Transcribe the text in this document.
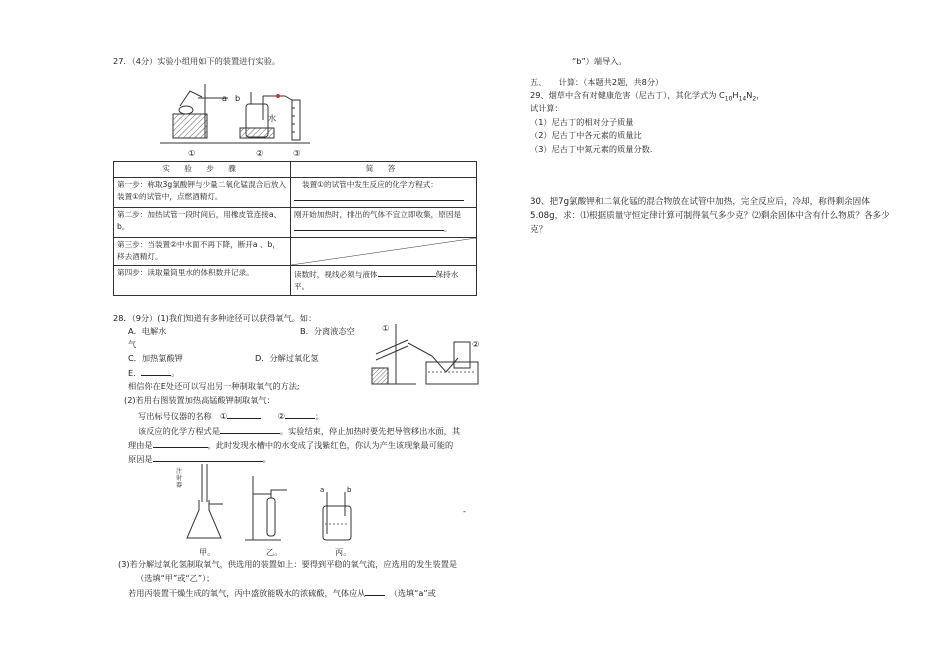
27．（4分）实验小组用如下的装置进行实验。
a b
水
①	②	③
实 验 步 骤	简 答
第一步：称取3g氯酸钾与少量二氧化锰混合后放入装置①的试管中，点燃酒精灯。	装置①的试管中发生反应的化学方程式：

第二步：加热试管一段时间后，用橡皮管连接a、b。	刚开始加热时，排出的气体不宜立即收集，原因是
。
第三步：当装置②中水面不再下降，断开a 、b，移去酒精灯。	

第四步：读取量筒里水的体积数并记录。	读数时，视线必须与液体 保持水平。
28．（9分）(1)我们知道有多种途径可以获得氧气。如：
A．电解水	B．分离液态空
气
C．加热氯酸钾	D．分解过氧化氢
E．	。
相信你在E处还可以写出另一种制取氧气的方法;
(2)若用右图装置加热高锰酸钾制取氧气：
写出标号仪器的名称　 ①　　	②	；
该反应的化学方程式是	。实验结束，停止加热时要先把导管移出水面，其
理由是	，此时发现水槽中的水变成了浅紫红色，你认为产生该现象最可能的
原因是	。
①
②
注射器
a	b
甲。	乙。	丙。
-
(3)若分解过氧化氢制取氧气，供选用的装置如上：要得到平稳的氧气流，应选用的发生装置是
（选填“甲”或“乙”）；
若用丙装置干燥生成的氧气，丙中盛放能吸水的浓硫酸，气体应从　	（选填“a”或
“b”）端导入。
五、　　计算：（本题共2题，共8分）
29、烟草中含有对健康危害（尼古丁），其化学式为 $C_{10}H_{14}N_2$，
试计算：
（1）尼古丁的相对分子质量
（2）尼古丁中各元素的质量比
（3）尼古丁中氮元素的质量分数.
30、把7g氯酸钾和二氧化锰的混合物放在试管中加热，完全反应后，冷却，称得剩余固体
5.08g，求：⑴根据质量守恒定律计算可制得氧气多少克？⑵剩余固体中含有什么物质？各多少
克？
